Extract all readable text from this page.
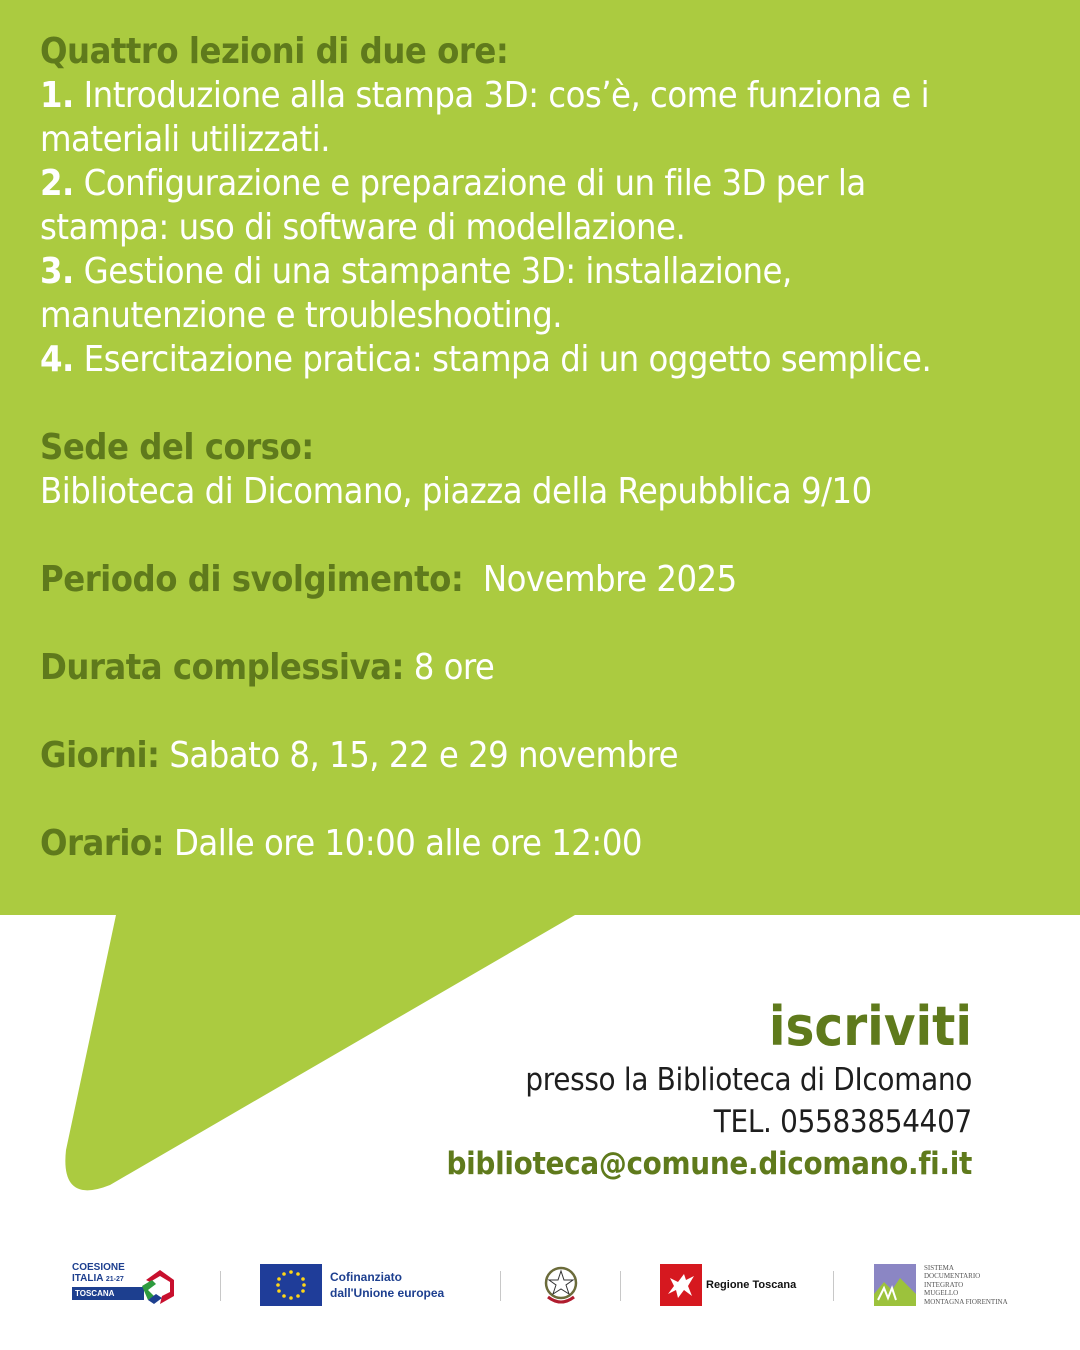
Quattro lezioni di due ore:
1. Introduzione alla stampa 3D: cos’è, come funziona e i
materiali utilizzati.
2. Configurazione e preparazione di un file 3D per la
stampa: uso di software di modellazione.
3. Gestione di una stampante 3D: installazione,
manutenzione e troubleshooting.
4. Esercitazione pratica: stampa di un oggetto semplice.
Sede del corso:
Biblioteca di Dicomano, piazza della Repubblica 9/10
Periodo di svolgimento: Novembre 2025
Durata complessiva: 8 ore
Giorni: Sabato 8, 15, 22 e 29 novembre
Orario: Dalle ore 10:00 alle ore 12:00
iscriviti
presso la Biblioteca di DIcomano
TEL. 05583854407
biblioteca@comune.dicomano.fi.it
COESIONE
ITALIA 21-27
TOSCANA
Cofinanziato
dall'Unione europea
Regione Toscana
SISTEMA
DOCUMENTARIO
INTEGRATO
MUGELLO
MONTAGNA FIORENTINA
